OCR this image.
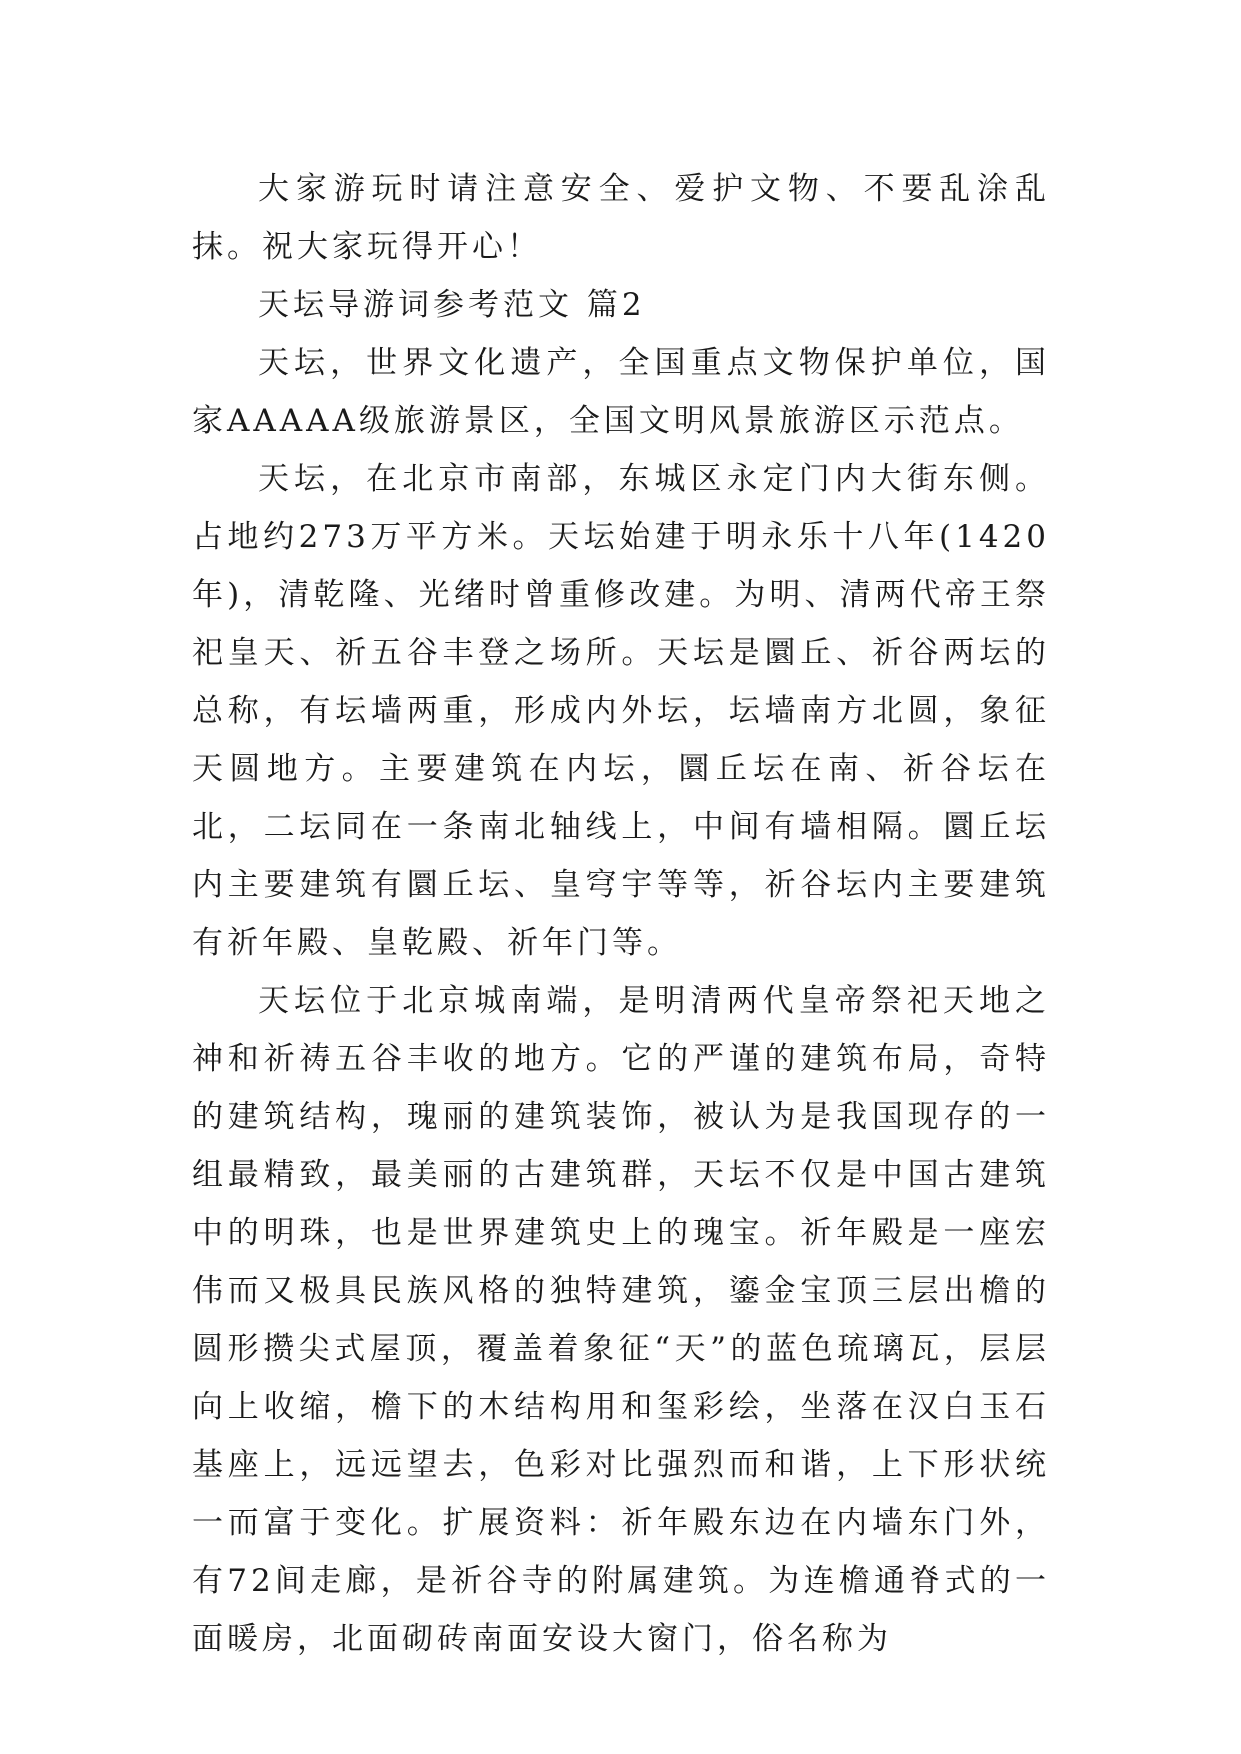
大家游玩时请注意安全、爱护文物、不要乱涂乱抹。祝大家玩得开心！

天坛导游词参考范文 篇2

天坛，世界文化遗产，全国重点文物保护单位，国家AAAAA级旅游景区，全国文明风景旅游区示范点。

天坛，在北京市南部，东城区永定门内大街东侧。占地约273万平方米。天坛始建于明永乐十八年(1420年)，清乾隆、光绪时曾重修改建。为明、清两代帝王祭祀皇天、祈五谷丰登之场所。天坛是圜丘、祈谷两坛的总称，有坛墙两重，形成内外坛，坛墙南方北圆，象征天圆地方。主要建筑在内坛，圜丘坛在南、祈谷坛在北，二坛同在一条南北轴线上，中间有墙相隔。圜丘坛内主要建筑有圜丘坛、皇穹宇等等，祈谷坛内主要建筑有祈年殿、皇乾殿、祈年门等。

天坛位于北京城南端，是明清两代皇帝祭祀天地之神和祈祷五谷丰收的地方。它的严谨的建筑布局，奇特的建筑结构，瑰丽的建筑装饰，被认为是我国现存的一组最精致，最美丽的古建筑群，天坛不仅是中国古建筑中的明珠，也是世界建筑史上的瑰宝。祈年殿是一座宏伟而又极具民族风格的独特建筑，鎏金宝顶三层出檐的圆形攒尖式屋顶，覆盖着象征“天”的蓝色琉璃瓦，层层向上收缩，檐下的木结构用和玺彩绘，坐落在汉白玉石基座上，远远望去，色彩对比强烈而和谐，上下形状统一而富于变化。扩展资料：祈年殿东边在内墙东门外，有72间走廊，是祈谷寺的附属建筑。为连檐通脊式的一面暖房，北面砌砖南面安设大窗门，俗名称为
